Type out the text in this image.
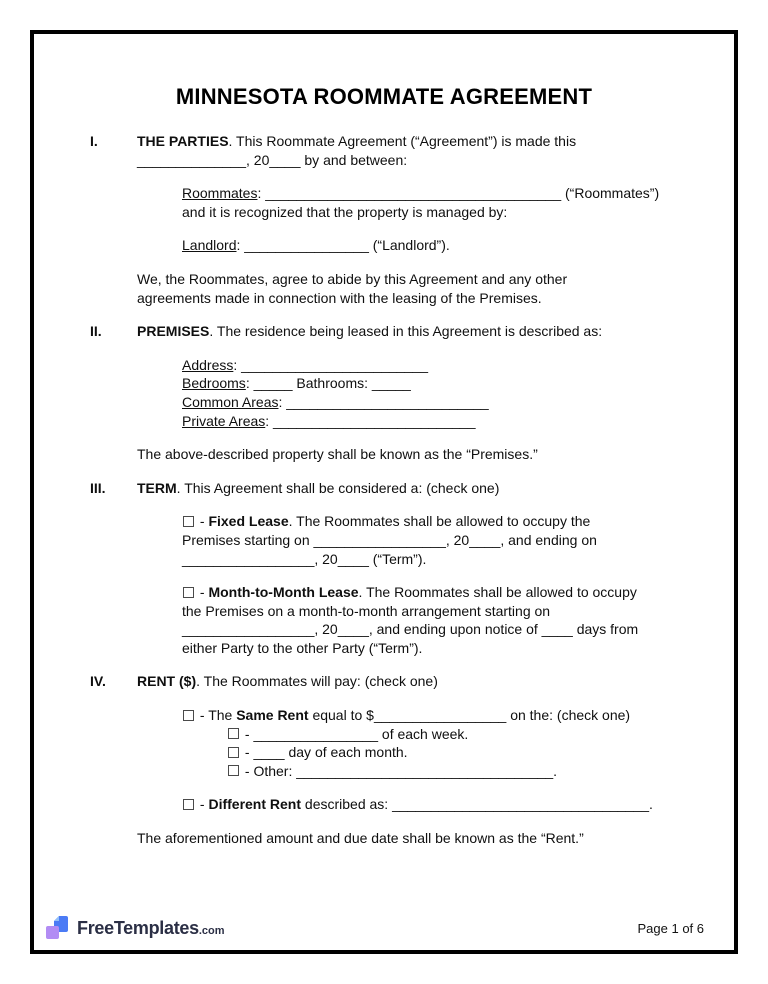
MINNESOTA ROOMMATE AGREEMENT
I.	THE PARTIES. This Roommate Agreement (“Agreement”) is made this
______________, 20____ by and between:
Roommates: ______________________________________ (“Roommates”)
and it is recognized that the property is managed by:
Landlord: ________________ (“Landlord”).
We, the Roommates, agree to abide by this Agreement and any other
agreements made in connection with the leasing of the Premises.
II.	PREMISES. The residence being leased in this Agreement is described as:
Address: ________________________
Bedrooms: _____ Bathrooms: _____
Common Areas: __________________________
Private Areas: __________________________
The above-described property shall be known as the “Premises.”
III. TERM. This Agreement shall be considered a: (check one)
- Fixed Lease. The Roommates shall be allowed to occupy the
Premises starting on _________________, 20____, and ending on
_________________, 20____ (“Term”).
- Month-to-Month Lease. The Roommates shall be allowed to occupy
the Premises on a month-to-month arrangement starting on
_________________, 20____, and ending upon notice of ____ days from
either Party to the other Party (“Term”).
IV. RENT ($). The Roommates will pay: (check one)
- The Same Rent equal to $_________________ on the: (check one)
- ________________ of each week.
- ____ day of each month.
- Other: _________________________________.
- Different Rent described as: _________________________________.
The aforementioned amount and due date shall be known as the “Rent.”
FreeTemplates .com	Page 1 of 6
